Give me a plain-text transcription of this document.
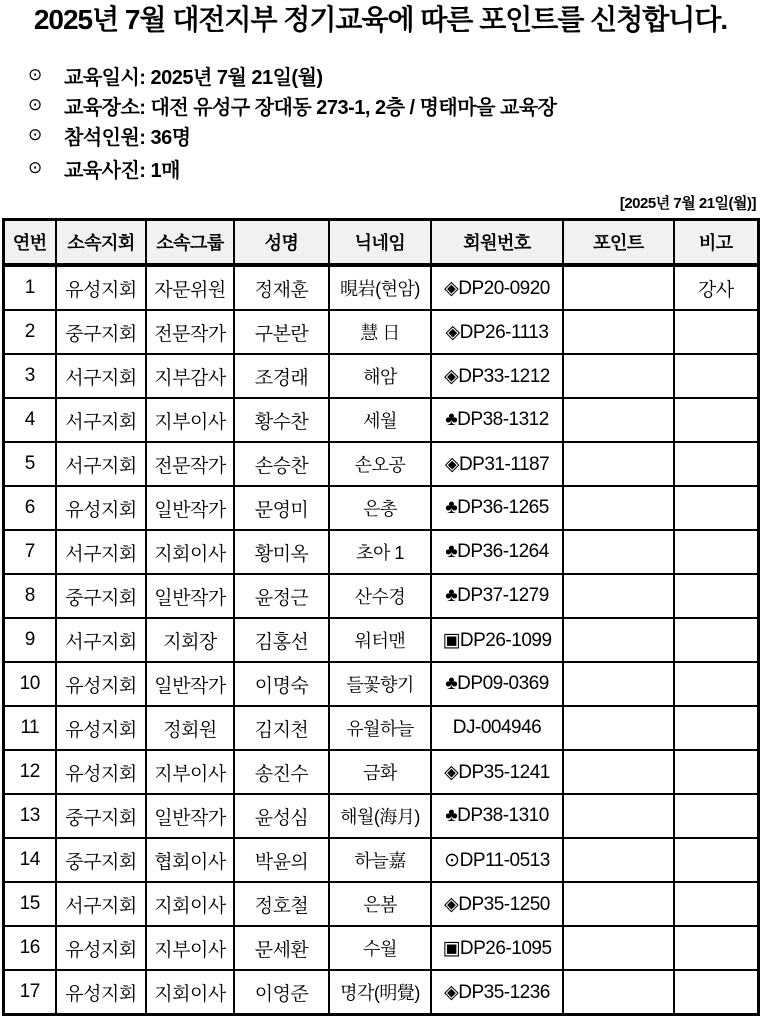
2025년 7월 대전지부 정기교육에 따른 포인트를 신청합니다.
⊙	교육일시: 2025년 7월 21일(월)
⊙	교육장소: 대전 유성구 장대동 273-1, 2층 / 명태마을 교육장
⊙	참석인원: 36명
⊙	교육사진: 1매
[2025년 7월 21일(월)]
연번	소속지회	소속그룹	성명	닉네임	회원번호	포인트	비고
1	유성지회	자문위원	정재훈	晛岩(현암)	◈DP20-0920		강사
2	중구지회	전문작가	구본란	慧 日	◈DP26-1113		
3	서구지회	지부감사	조경래	해암	◈DP33-1212		
4	서구지회	지부이사	황수찬	세월	♣DP38-1312		
5	서구지회	전문작가	손승찬	손오공	◈DP31-1187		
6	유성지회	일반작가	문영미	은총	♣DP36-1265		
7	서구지회	지회이사	황미옥	초아 1	♣DP36-1264		
8	중구지회	일반작가	윤정근	산수경	♣DP37-1279		
9	서구지회	지회장	김홍선	워터맨	▣DP26-1099		
10	유성지회	일반작가	이명숙	들꽃향기	♣DP09-0369		
11	유성지회	정회원	김지천	유월하늘	DJ-004946		
12	유성지회	지부이사	송진수	금화	◈DP35-1241		
13	중구지회	일반작가	윤성심	해월(海月)	♣DP38-1310		
14	중구지회	협회이사	박윤의	하늘嘉	⊙DP11-0513		
15	서구지회	지회이사	정호철	은봄	◈DP35-1250		
16	유성지회	지부이사	문세환	수월	▣DP26-1095		
17	유성지회	지회이사	이영준	명각(明覺)	◈DP35-1236		
